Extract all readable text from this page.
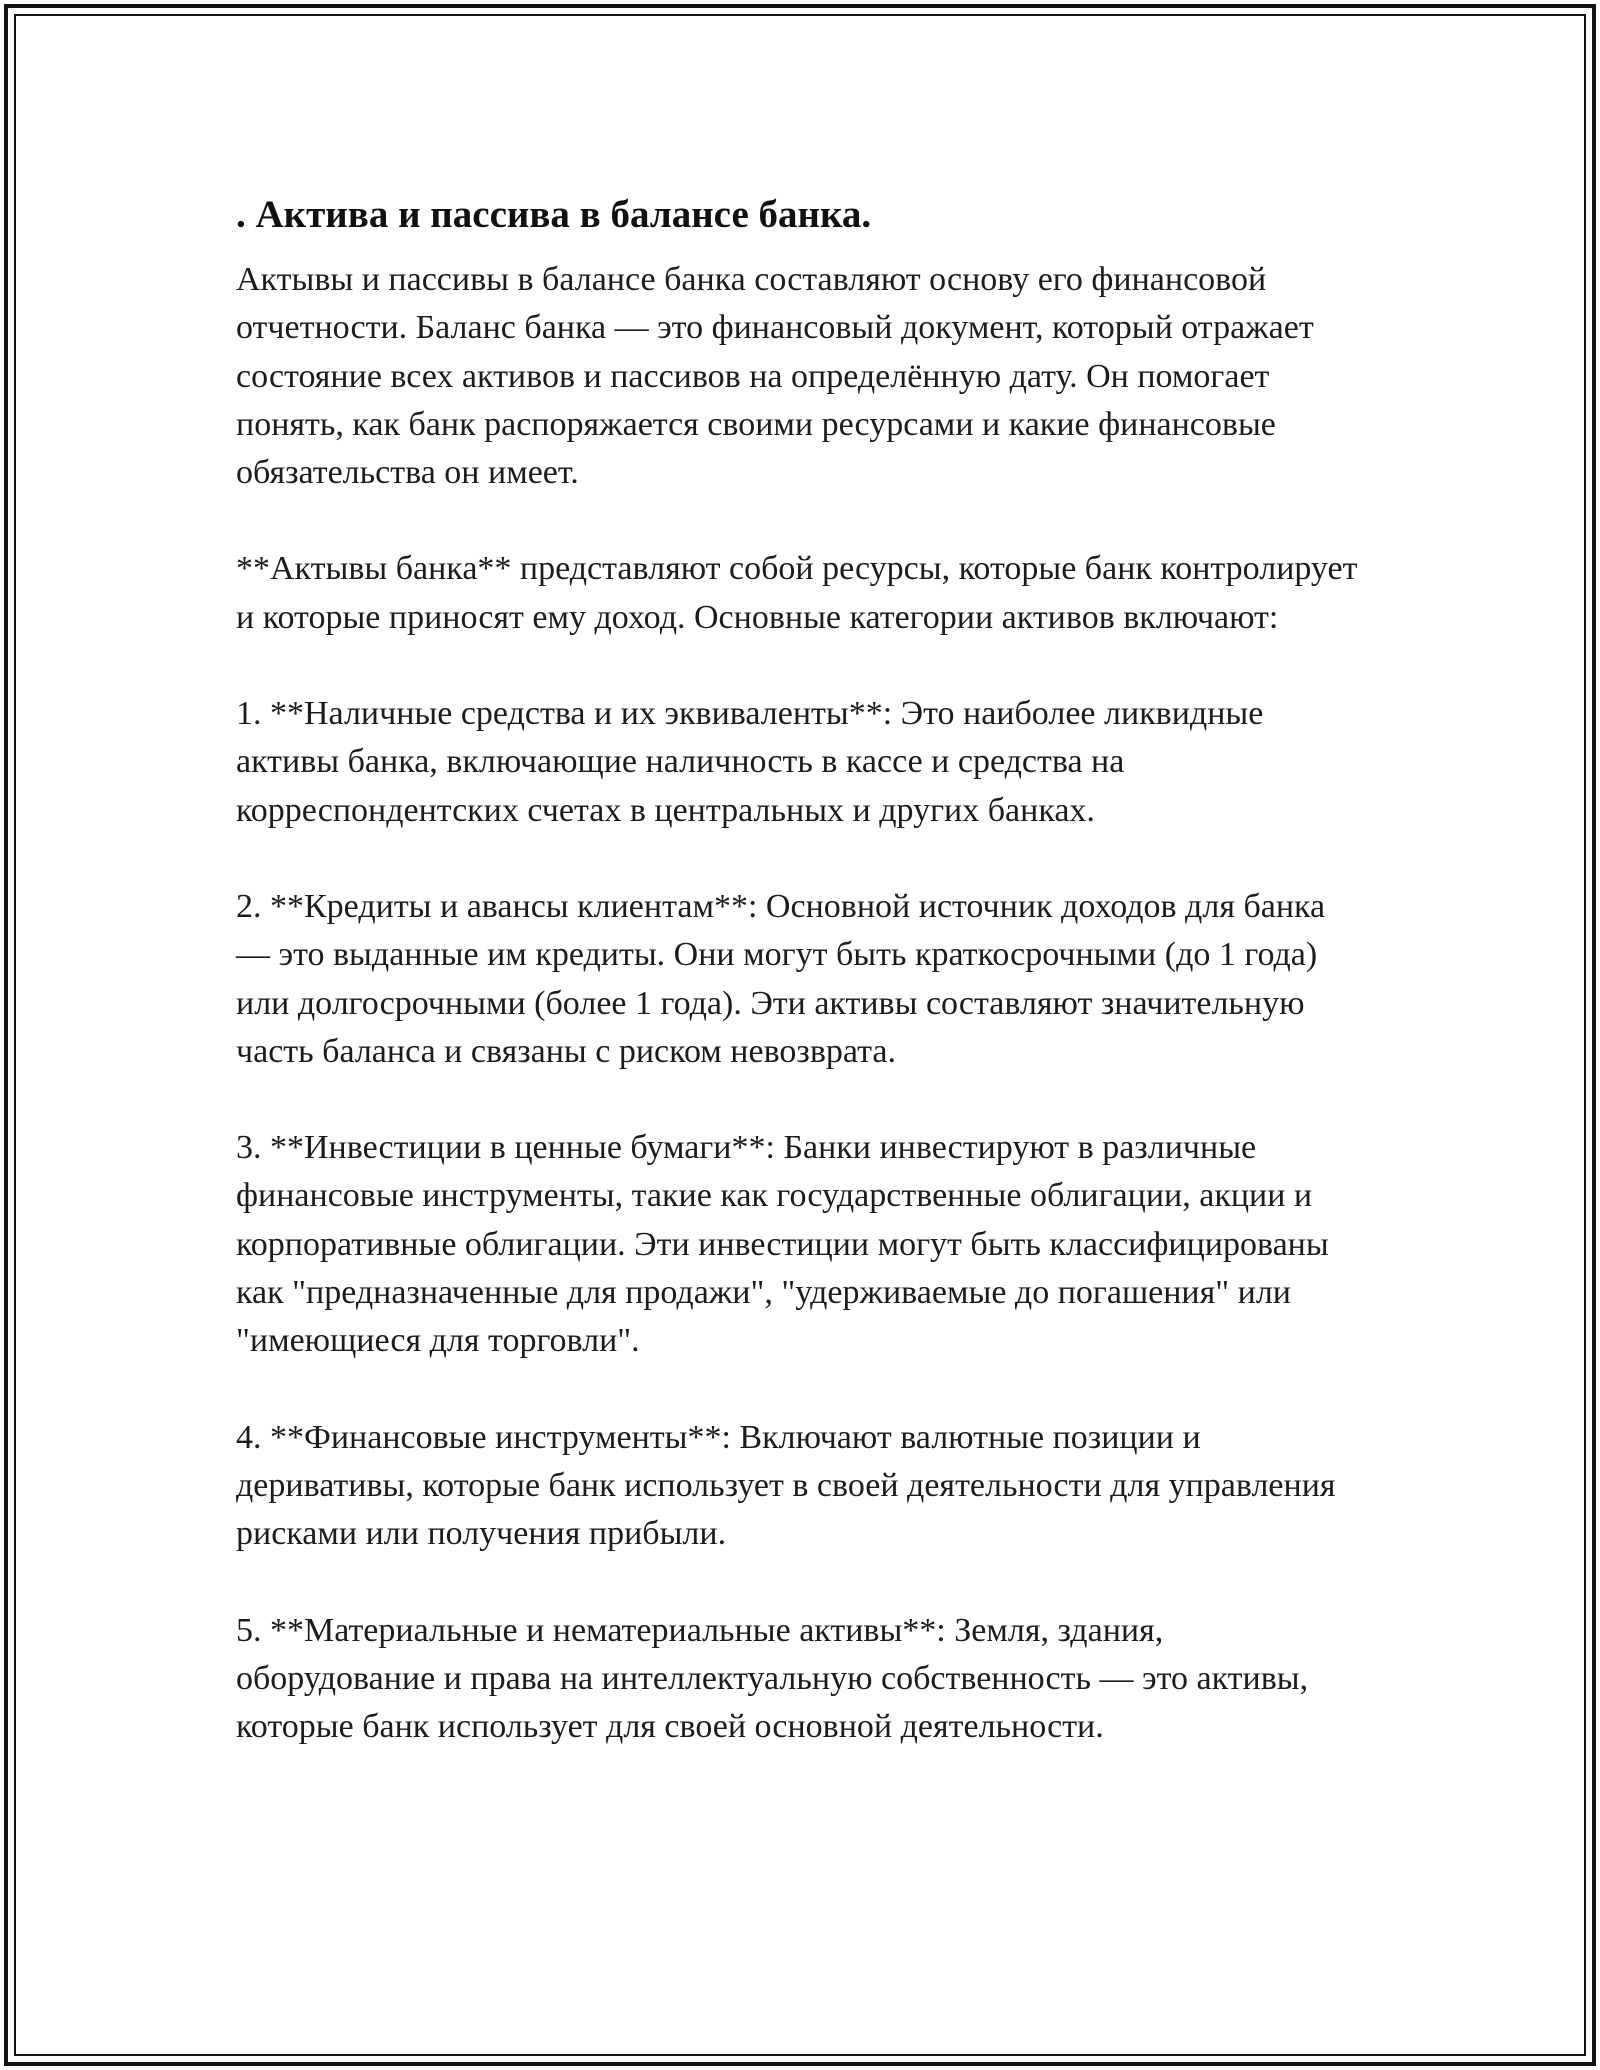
. Актива и пассива в балансе банка.

Актывы и пассивы в балансе банка составляют основу его финансовой отчетности. Баланс банка — это финансовый документ, который отражает состояние всех активов и пассивов на определённую дату. Он помогает понять, как банк распоряжается своими ресурсами и какие финансовые обязательства он имеет.

**Актывы банка** представляют собой ресурсы, которые банк контролирует и которые приносят ему доход. Основные категории активов включают:

1. **Наличные средства и их эквиваленты**: Это наиболее ликвидные активы банка, включающие наличность в кассе и средства на корреспондентских счетах в центральных и других банках.

2. **Кредиты и авансы клиентам**: Основной источник доходов для банка — это выданные им кредиты. Они могут быть краткосрочными (до 1 года) или долгосрочными (более 1 года). Эти активы составляют значительную часть баланса и связаны с риском невозврата.

3. **Инвестиции в ценные бумаги**: Банки инвестируют в различные финансовые инструменты, такие как государственные облигации, акции и корпоративные облигации. Эти инвестиции могут быть классифицированы как "предназначенные для продажи", "удерживаемые до погашения" или "имеющиеся для торговли".

4. **Финансовые инструменты**: Включают валютные позиции и деривативы, которые банк использует в своей деятельности для управления рисками или получения прибыли.

5. **Материальные и нематериальные активы**: Земля, здания, оборудование и права на интеллектуальную собственность — это активы, которые банк использует для своей основной деятельности.
